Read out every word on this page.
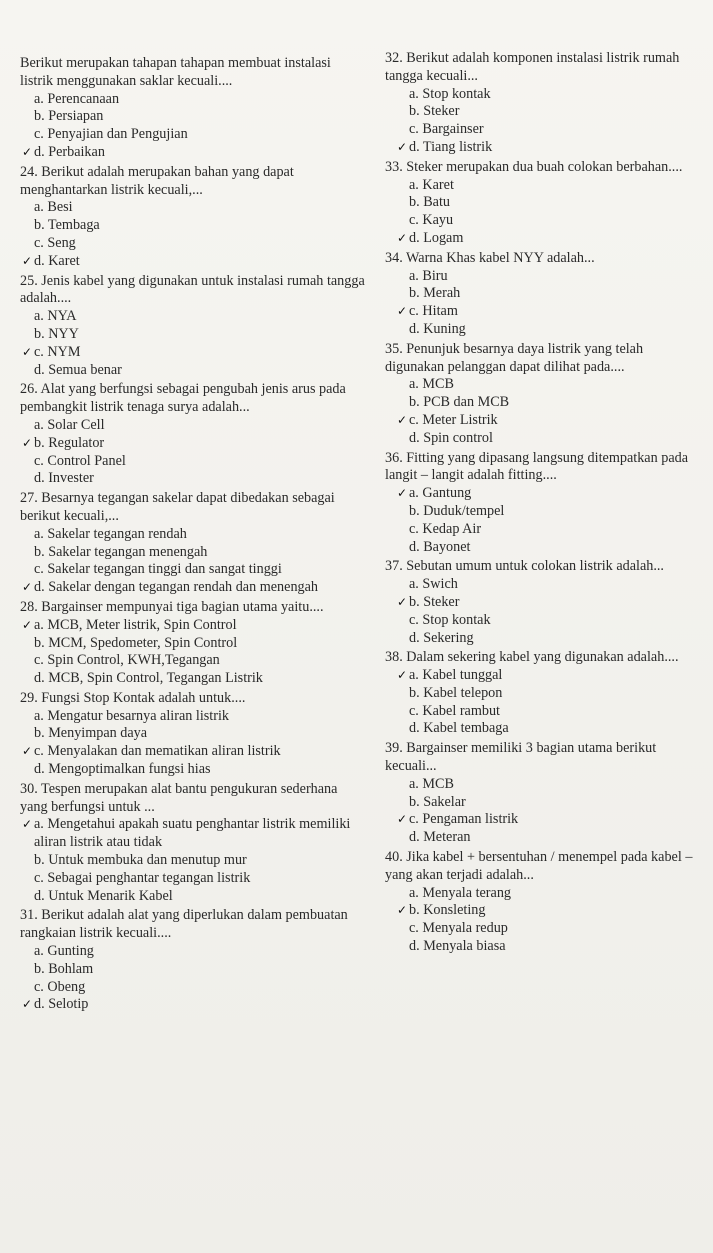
Berikut merupakan tahapan tahapan membuat instalasi listrik menggunakan saklar kecuali....
a. Perencanaan
b. Persiapan
c. Penyajian dan Pengujian
✓ d. Perbaikan
24. Berikut adalah merupakan bahan yang dapat menghantarkan listrik kecuali,...
a. Besi
b. Tembaga
c. Seng
✓ d. Karet
25. Jenis kabel yang digunakan untuk instalasi rumah tangga adalah....
a. NYA
b. NYY
✓ c. NYM
d. Semua benar
26. Alat yang berfungsi sebagai pengubah jenis arus pada pembangkit listrik tenaga surya adalah...
a. Solar Cell
✓ b. Regulator
c. Control Panel
d. Invester
27. Besarnya tegangan sakelar dapat dibedakan sebagai berikut kecuali,...
a. Sakelar tegangan rendah
b. Sakelar tegangan menengah
c. Sakelar tegangan tinggi dan sangat tinggi
✓ d. Sakelar dengan tegangan rendah dan menengah
28. Bargainser mempunyai tiga bagian utama yaitu....
✓ a. MCB, Meter listrik, Spin Control
b. MCM, Spedometer, Spin Control
c. Spin Control, KWH,Tegangan
d. MCB, Spin Control, Tegangan Listrik
29. Fungsi Stop Kontak adalah untuk....
a. Mengatur besarnya aliran listrik
b. Menyimpan daya
✓ c. Menyalakan dan mematikan aliran listrik
d. Mengoptimalkan fungsi hias
30. Tespen merupakan alat bantu pengukuran sederhana yang berfungsi untuk ...
✓ a. Mengetahui apakah suatu penghantar listrik memiliki aliran listrik atau tidak
b. Untuk membuka dan menutup mur
c. Sebagai penghantar tegangan listrik
d. Untuk Menarik Kabel
31. Berikut adalah alat yang diperlukan dalam pembuatan rangkaian listrik kecuali....
a. Gunting
b. Bohlam
c. Obeng
✓ d. Selotip
32. Berikut adalah komponen instalasi listrik rumah tangga kecuali...
a. Stop kontak
b. Steker
c. Bargainser
✓ d. Tiang listrik
33. Steker merupakan dua buah colokan berbahan....
a. Karet
b. Batu
c. Kayu
✓ d. Logam
34. Warna Khas kabel NYY adalah...
a. Biru
b. Merah
✓ c. Hitam
d. Kuning
35. Penunjuk besarnya daya listrik yang telah digunakan pelanggan dapat dilihat pada....
a. MCB
b. PCB dan MCB
✓ c. Meter Listrik
d. Spin control
36. Fitting yang dipasang langsung ditempatkan pada langit – langit adalah fitting....
✓ a. Gantung
b. Duduk/tempel
c. Kedap Air
d. Bayonet
37. Sebutan umum untuk colokan listrik adalah...
a. Swich
✓ b. Steker
c. Stop kontak
d. Sekering
38. Dalam sekering kabel yang digunakan adalah....
✓ a. Kabel tunggal
b. Kabel telepon
c. Kabel rambut
d. Kabel tembaga
39. Bargainser memiliki 3 bagian utama berikut kecuali...
a. MCB
b. Sakelar
✓ c. Pengaman listrik
d. Meteran
40. Jika kabel + bersentuhan / menempel pada kabel – yang akan terjadi adalah...
a. Menyala terang
✓ b. Konsleting
c. Menyala redup
d. Menyala biasa
